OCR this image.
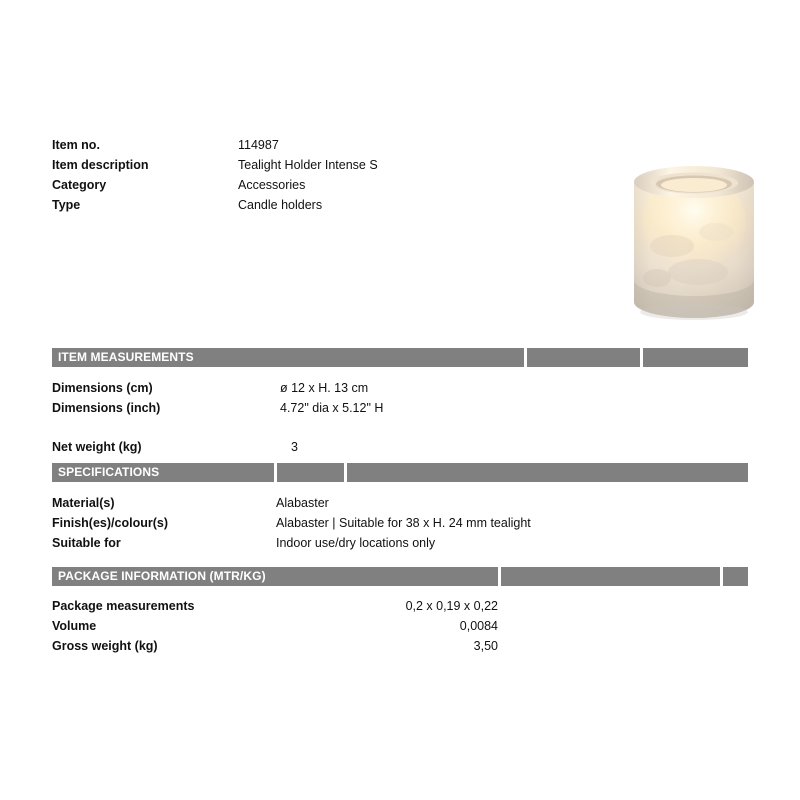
Item no.	114987
Item description	Tealight Holder Intense S
Category	Accessories
Type	Candle holders
ITEM MEASUREMENTS
Dimensions (cm)	ø 12 x H. 13 cm
Dimensions (inch)	4.72" dia x 5.12" H
Net weight (kg)	3
SPECIFICATIONS
Material(s)	Alabaster
Finish(es)/colour(s)	Alabaster | Suitable for 38 x H. 24 mm tealight
Suitable for	Indoor use/dry locations only
PACKAGE INFORMATION (MTR/KG)
Package measurements	0,2 x 0,19 x 0,22
Volume	0,0084
Gross weight (kg)	3,50
